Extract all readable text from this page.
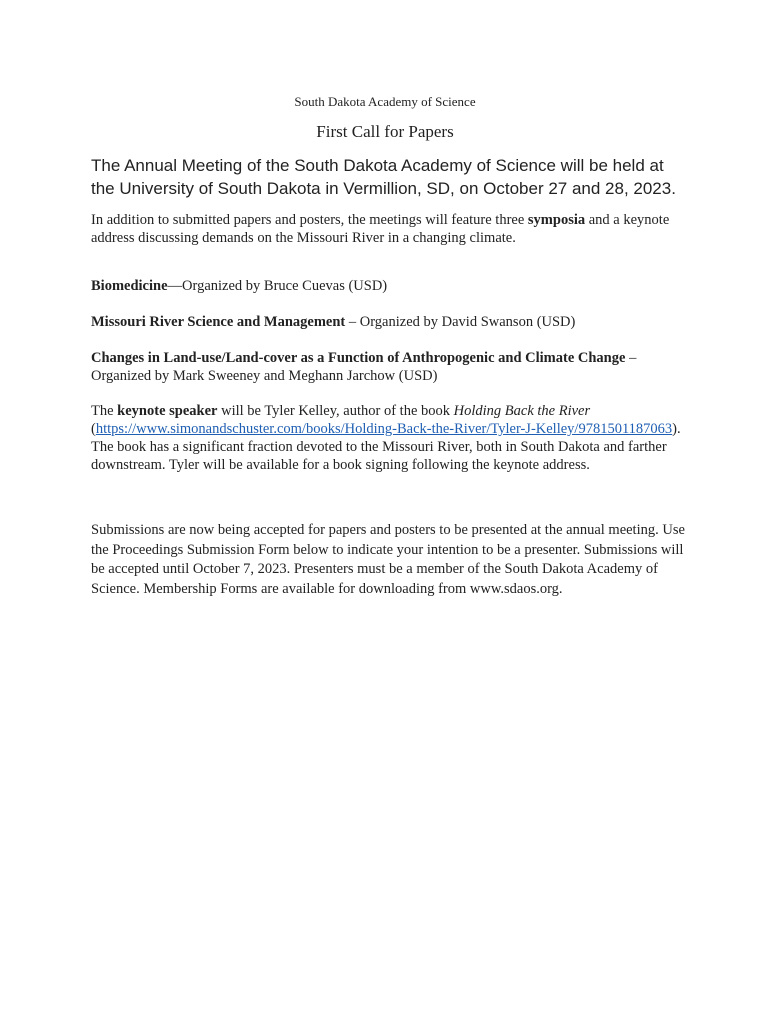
South Dakota Academy of Science
First Call for Papers
The Annual Meeting of the South Dakota Academy of Science will be held at the University of South Dakota in Vermillion, SD, on October 27 and 28, 2023.
In addition to submitted papers and posters, the meetings will feature three symposia and a keynote address discussing demands on the Missouri River in a changing climate.
Biomedicine—Organized by Bruce Cuevas (USD)
Missouri River Science and Management – Organized by David Swanson (USD)
Changes in Land-use/Land-cover as a Function of Anthropogenic and Climate Change – Organized by Mark Sweeney and Meghann Jarchow (USD)
The keynote speaker will be Tyler Kelley, author of the book Holding Back the River (https://www.simonandschuster.com/books/Holding-Back-the-River/Tyler-J-Kelley/9781501187063). The book has a significant fraction devoted to the Missouri River, both in South Dakota and farther downstream. Tyler will be available for a book signing following the keynote address.
Submissions are now being accepted for papers and posters to be presented at the annual meeting. Use the Proceedings Submission Form below to indicate your intention to be a presenter. Submissions will be accepted until October 7, 2023. Presenters must be a member of the South Dakota Academy of Science. Membership Forms are available for downloading from www.sdaos.org.
